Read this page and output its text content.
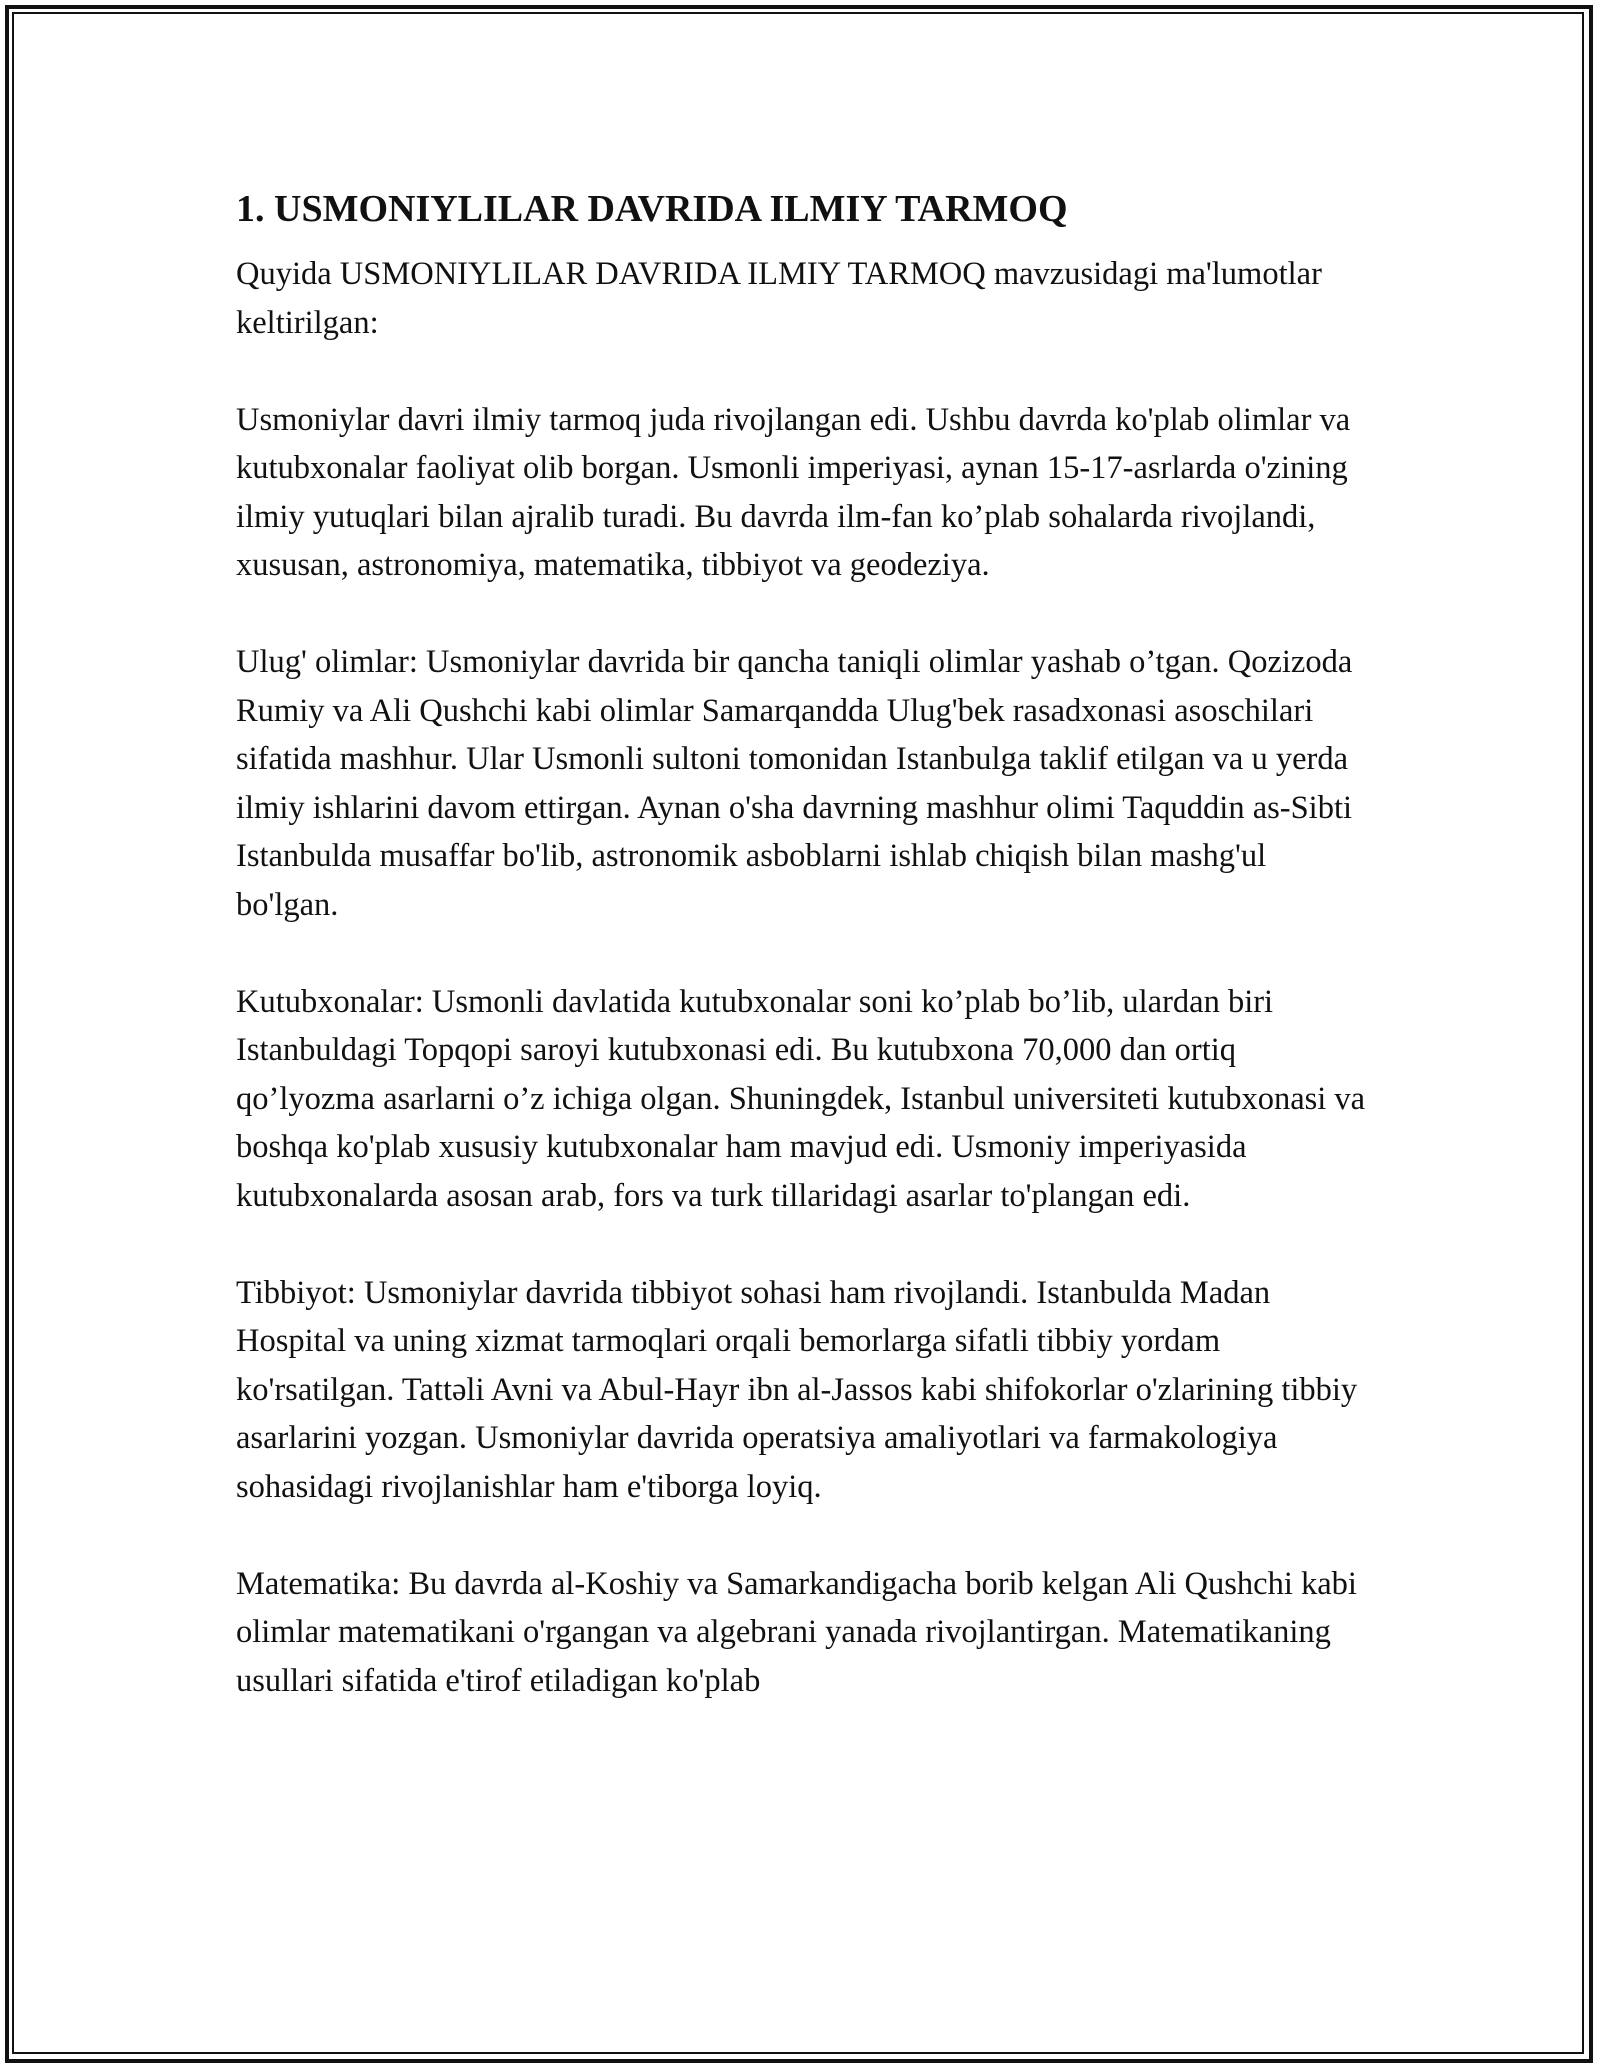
1. USMONIYLILAR DAVRIDA ILMIY TARMOQ

Quyida USMONIYLILAR DAVRIDA ILMIY TARMOQ mavzusidagi ma'lumotlar keltirilgan:

Usmoniylar davri ilmiy tarmoq juda rivojlangan edi. Ushbu davrda ko'plab olimlar va kutubxonalar faoliyat olib borgan. Usmonli imperiyasi, aynan 15-17-asrlarda o'zining ilmiy yutuqlari bilan ajralib turadi. Bu davrda ilm-fan ko’plab sohalarda rivojlandi, xususan, astronomiya, matematika, tibbiyot va geodeziya.

Ulug' olimlar: Usmoniylar davrida bir qancha taniqli olimlar yashab o’tgan. Qozizoda Rumiy va Ali Qushchi kabi olimlar Samarqandda Ulug'bek rasadxonasi asoschilari sifatida mashhur. Ular Usmonli sultoni tomonidan Istanbulga taklif etilgan va u yerda ilmiy ishlarini davom ettirgan. Aynan o'sha davrning mashhur olimi Taquddin as-Sibti Istanbulda musaffar bo'lib, astronomik asboblarni ishlab chiqish bilan mashg'ul bo'lgan.

Kutubxonalar: Usmonli davlatida kutubxonalar soni ko’plab bo’lib, ulardan biri Istanbuldagi Topqopi saroyi kutubxonasi edi. Bu kutubxona 70,000 dan ortiq qo’lyozma asarlarni o’z ichiga olgan. Shuningdek, Istanbul universiteti kutubxonasi va boshqa ko'plab xususiy kutubxonalar ham mavjud edi. Usmoniy imperiyasida kutubxonalarda asosan arab, fors va turk tillaridagi asarlar to'plangan edi.

Tibbiyot: Usmoniylar davrida tibbiyot sohasi ham rivojlandi. Istanbulda Madan Hospital va uning xizmat tarmoqlari orqali bemorlarga sifatli tibbiy yordam ko'rsatilgan. Tattəli Avni va Abul-Hayr ibn al-Jassos kabi shifokorlar o'zlarining tibbiy asarlarini yozgan. Usmoniylar davrida operatsiya amaliyotlari va farmakologiya sohasidagi rivojlanishlar ham e'tiborga loyiq.

Matematika: Bu davrda al-Koshiy va Samarkandigacha borib kelgan Ali Qushchi kabi olimlar matematikani o'rgangan va algebrani yanada rivojlantirgan. Matematikaning usullari sifatida e'tirof etiladigan ko'plab
